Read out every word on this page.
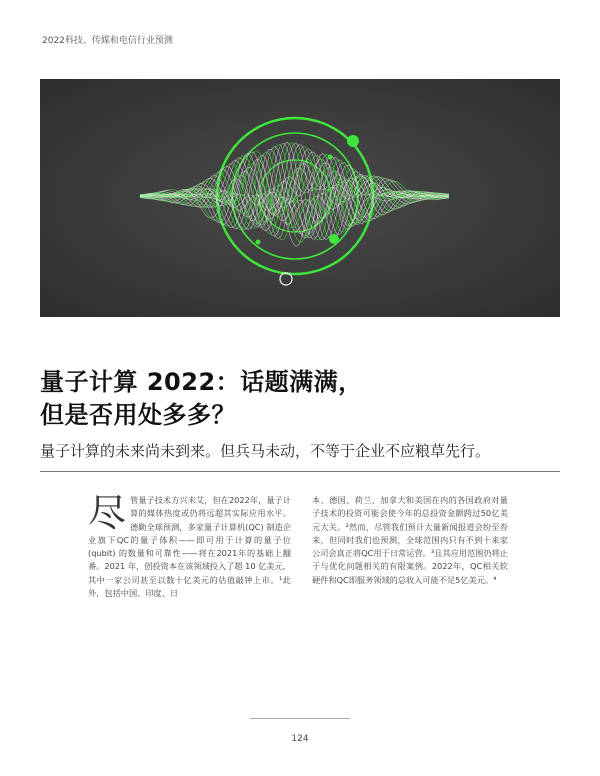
2022科技、传媒和电信行业预测
量子计算 2022：话题满满，
但是否用处多多？
量子计算的未来尚未到来。但兵马未动，不等于企业不应粮草先行。
尽 管量子技术方兴未艾，但在2022年，量子计算的媒体热度或仍将远超其实际应用水平。德勤全球预测，多家量子计算机(QC) 制造企业旗下QC的量子体积——即可用于计算的量子位 (qubit) 的数量和可靠性——将在2021年的基础上翻番。2021 年，创投资本在该领域投入了超 10 亿美元，其中一家公司甚至以数十亿美元的估值敲钟上市。¹此外，包括中国、印度、日
本、德国、荷兰、加拿大和美国在内的各国政府对量子技术的投资可能会使今年的总投资金额跨过50亿美元大关。²然而，尽管我们预计大量新闻报道会纷至沓来，但同时我们也预测，全球范围内只有不到十来家公司会真正将QC用于日常运营。³且其应用范围仍将止于与优化问题相关的有限案例。2022年，QC相关软硬件和QC即服务领域的总收入可能不足5亿美元。⁴
124
